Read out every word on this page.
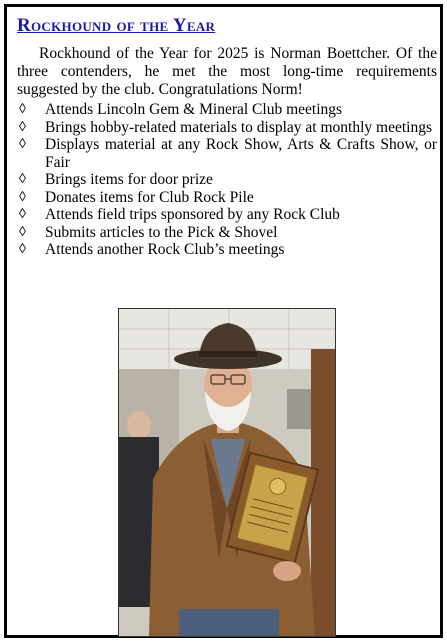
Rockhound of the Year

Rockhound of the Year for 2025 is Norman Boettcher. Of the three contenders, he met the most long-time requirements suggested by the club. Congratulations Norm!

◊ Attends Lincoln Gem & Mineral Club meetings
◊ Brings hobby-related materials to display at monthly meetings
◊ Displays material at any Rock Show, Arts & Crafts Show, or Fair
◊ Brings items for door prize
◊ Donates items for Club Rock Pile
◊ Attends field trips sponsored by any Rock Club
◊ Submits articles to the Pick & Shovel
◊ Attends another Rock Club’s meetings
